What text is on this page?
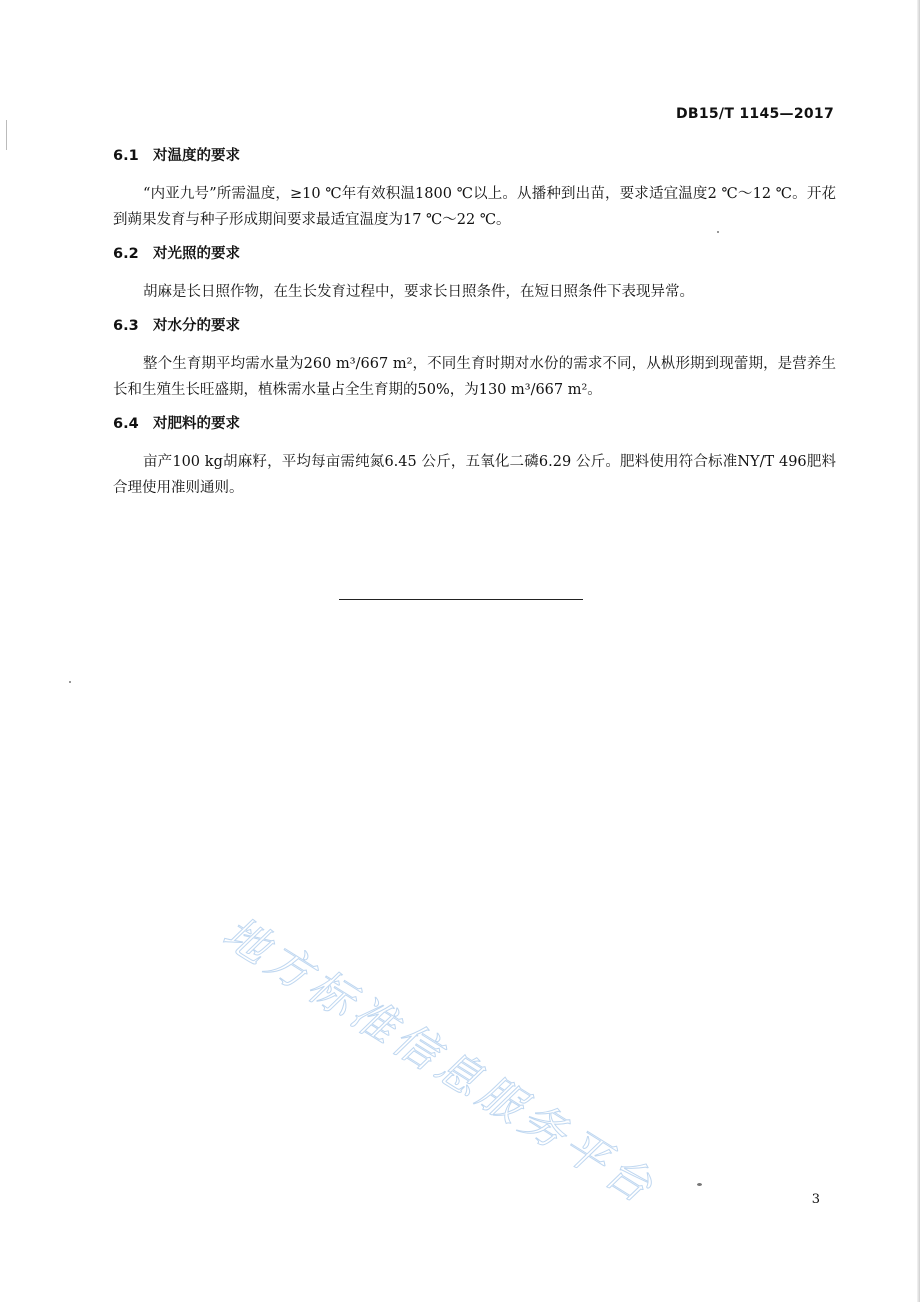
DB15/T 1145—2017
6.1 对温度的要求

“内亚九号”所需温度，≥10 ℃年有效积温1800 ℃以上。从播种到出苗，要求适宜温度2 ℃～12 ℃。开花到蒴果发育与种子形成期间要求最适宜温度为17 ℃～22 ℃。

6.2 对光照的要求

胡麻是长日照作物，在生长发育过程中，要求长日照条件，在短日照条件下表现异常。

6.3 对水分的要求

整个生育期平均需水量为260 m³/667 m²，不同生育时期对水份的需求不同，从枞形期到现蕾期，是营养生长和生殖生长旺盛期，植株需水量占全生育期的50%，为130 m³/667 m²。

6.4 对肥料的要求

亩产100 kg胡麻籽，平均每亩需纯氮6.45 公斤，五氧化二磷6.29 公斤。肥料使用符合标准NY/T 496肥料合理使用准则通则。

地方标准信息服务平台	3
